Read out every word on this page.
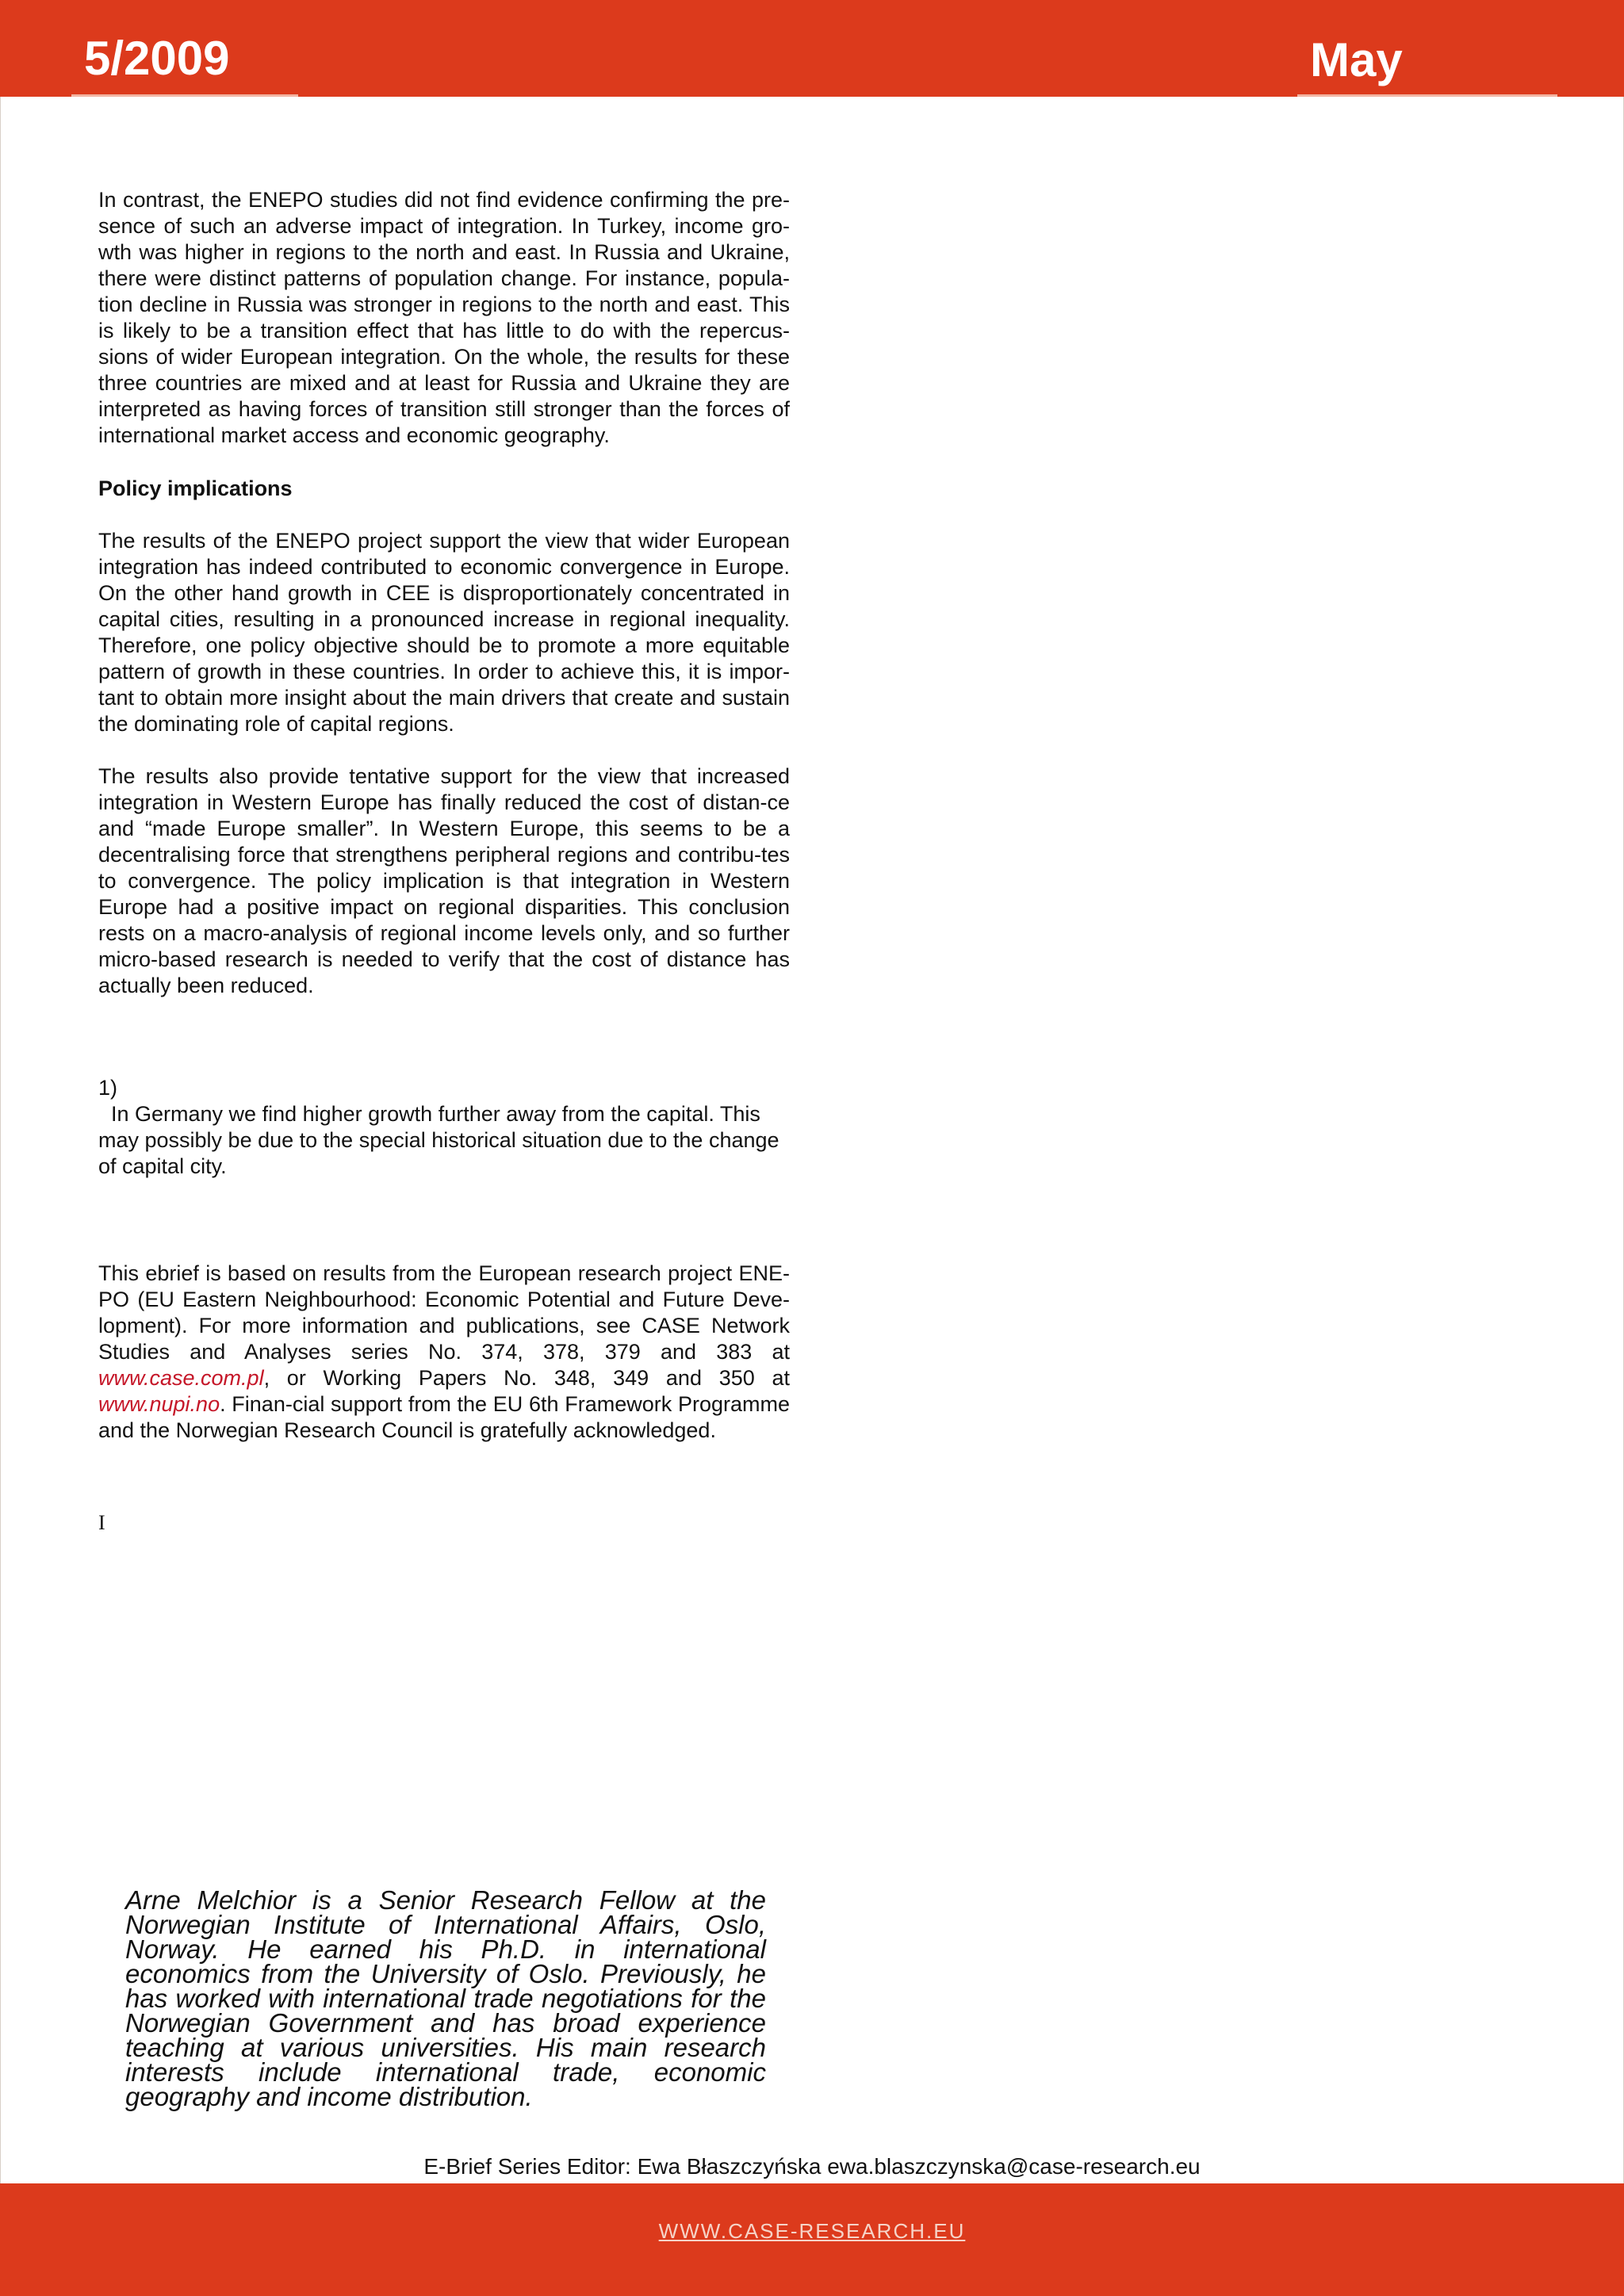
5/2009	May

In contrast, the ENEPO studies did not find evidence confirming the pre-sence of such an adverse impact of integration. In Turkey, income gro-wth was higher in regions to the north and east. In Russia and Ukraine, there were distinct patterns of population change. For instance, popula-tion decline in Russia was stronger in regions to the north and east. This is likely to be a transition effect that has little to do with the repercus-sions of wider European integration. On the whole, the results for these three countries are mixed and at least for Russia and Ukraine they are interpreted as having forces of transition still stronger than the forces of international market access and economic geography.

Policy implications

The results of the ENEPO project support the view that wider European integration has indeed contributed to economic convergence in Europe. On the other hand growth in CEE is disproportionately concentrated in capital cities, resulting in a pronounced increase in regional inequality. Therefore, one policy objective should be to promote a more equitable pattern of growth in these countries. In order to achieve this, it is impor-tant to obtain more insight about the main drivers that create and sustain the dominating role of capital regions.

The results also provide tentative support for the view that increased integration in Western Europe has finally reduced the cost of distan-ce and “made Europe smaller”. In Western Europe, this seems to be a decentralising force that strengthens peripheral regions and contribu-tes to convergence. The policy implication is that integration in Western Europe had a positive impact on regional disparities. This conclusion rests on a macro-analysis of regional income levels only, and so further micro-based research is needed to verify that the cost of distance has actually been reduced.

1)

In Germany we find higher growth further away from the capital. This may possibly be due to the special historical situation due to the change of capital city.

This ebrief is based on results from the European research project ENE-PO (EU Eastern Neighbourhood: Economic Potential and Future Deve-lopment). For more information and publications, see CASE Network Studies and Analyses series No. 374, 378, 379 and 383 at www.case.com.pl, or Working Papers No. 348, 349 and 350 at www.nupi.no. Finan-cial support from the EU 6th Framework Programme and the Norwegian Research Council is gratefully acknowledged.

I

Arne Melchior is a Senior Research Fellow at the Norwegian Institute of International Affairs, Oslo, Norway. He earned his Ph.D. in international economics from the University of Oslo. Previously, he has worked with international trade negotiations for the Norwegian Government and has broad experience teaching at various universities. His main research interests include international trade, economic geography and income distribution.

E-Brief Series Editor: Ewa Błaszczyńska ewa.blaszczynska@case-research.eu
WWW.CASE-RESEARCH.EU
